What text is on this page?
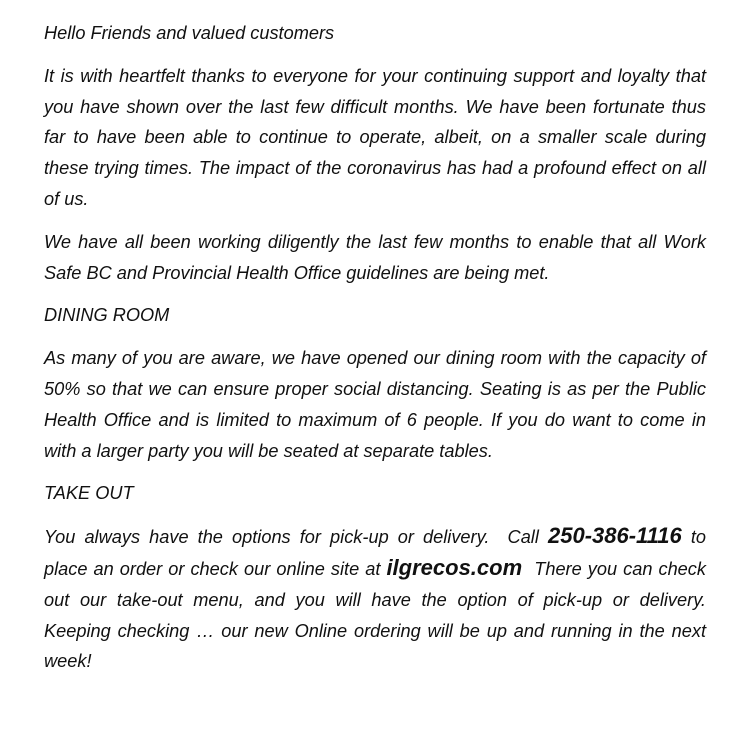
Hello Friends and valued customers

It is with heartfelt thanks to everyone for your continuing support and loyalty that you have shown over the last few difficult months. We have been fortunate thus far to have been able to continue to operate, albeit, on a smaller scale during these trying times. The impact of the coronavirus has had a profound effect on all of us.

We have all been working diligently the last few months to enable that all Work Safe BC and Provincial Health Office guidelines are being met.

DINING ROOM

As many of you are aware, we have opened our dining room with the capacity of 50% so that we can ensure proper social distancing. Seating is as per the Public Health Office and is limited to maximum of 6 people. If you do want to come in with a larger party you will be seated at separate tables.

TAKE OUT

You always have the options for pick-up or delivery.  Call 250-386-1116 to place an order or check our online site at ilgrecos.com  There you can check out our take-out menu, and you will have the option of pick-up or delivery.   Keeping checking … our new Online ordering will be up and running in the next week!
